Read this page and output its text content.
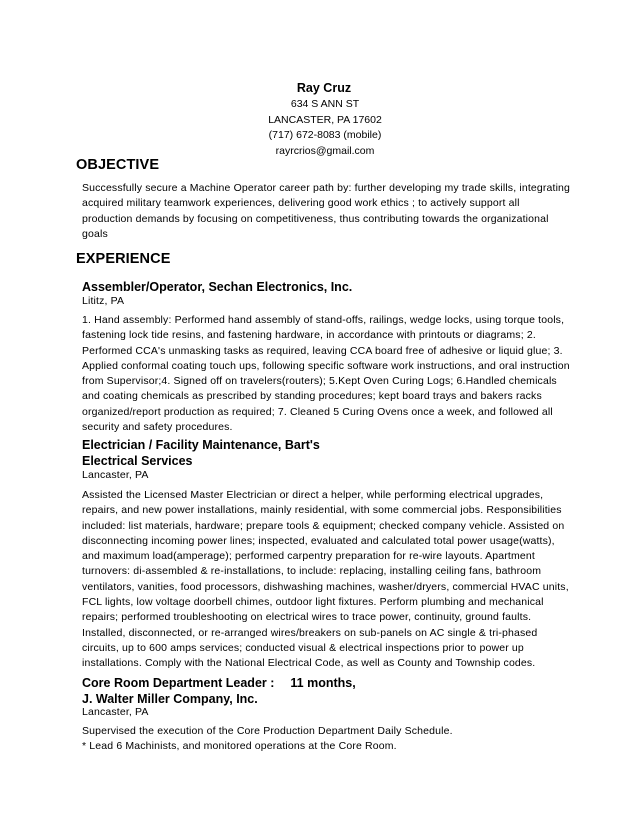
Ray Cruz
634 S ANN ST
LANCASTER, PA 17602
(717) 672-8083 (mobile)
rayrcrios@gmail.com
OBJECTIVE
Successfully secure a Machine Operator career path by: further developing my trade skills, integrating acquired military teamwork experiences, delivering good work ethics ; to actively support all production demands by focusing on competitiveness, thus contributing towards the organizational goals
EXPERIENCE
Assembler/Operator, Sechan Electronics, Inc.
Lititz, PA
1. Hand assembly: Performed hand assembly of stand-offs, railings, wedge locks, using torque tools, fastening lock tide resins, and fastening hardware, in accordance with printouts or diagrams; 2. Performed CCA's unmasking tasks as required, leaving CCA board free of adhesive or liquid glue; 3. Applied conformal coating touch ups, following specific software work instructions, and oral instruction from Supervisor;4. Signed off on travelers(routers); 5.Kept Oven Curing Logs; 6.Handled chemicals and coating chemicals as prescribed by standing procedures; kept board trays and bakers racks organized/report production as required; 7. Cleaned 5 Curing Ovens once a week, and followed all security and safety procedures.
Electrician / Facility Maintenance, Bart's
Electrical Services
Lancaster, PA
Assisted the Licensed Master Electrician or direct a helper, while performing electrical upgrades, repairs, and new power installations, mainly residential, with some commercial jobs. Responsibilities included: list materials, hardware; prepare tools & equipment; checked company vehicle. Assisted on disconnecting incoming power lines; inspected, evaluated and calculated total power usage(watts), and maximum load(amperage); performed carpentry preparation for re-wire layouts. Apartment turnovers: di-assembled & re-installations, to include: replacing, installing ceiling fans, bathroom ventilators, vanities, food processors, dishwashing machines, washer/dryers, commercial HVAC units, FCL lights, low voltage doorbell chimes, outdoor light fixtures. Perform plumbing and mechanical repairs; performed troubleshooting on electrical wires to trace power, continuity, ground faults. Installed, disconnected, or re-arranged wires/breakers on sub-panels on AC single & tri-phased circuits, up to 600 amps services; conducted visual & electrical inspections prior to power up installations. Comply with the National Electrical Code, as well as County and Township codes.
Core Room Department Leader : 11 months,
J. Walter Miller Company, Inc.
Lancaster, PA
Supervised the execution of the Core Production Department Daily Schedule.
* Lead 6 Machinists, and monitored operations at the Core Room.
